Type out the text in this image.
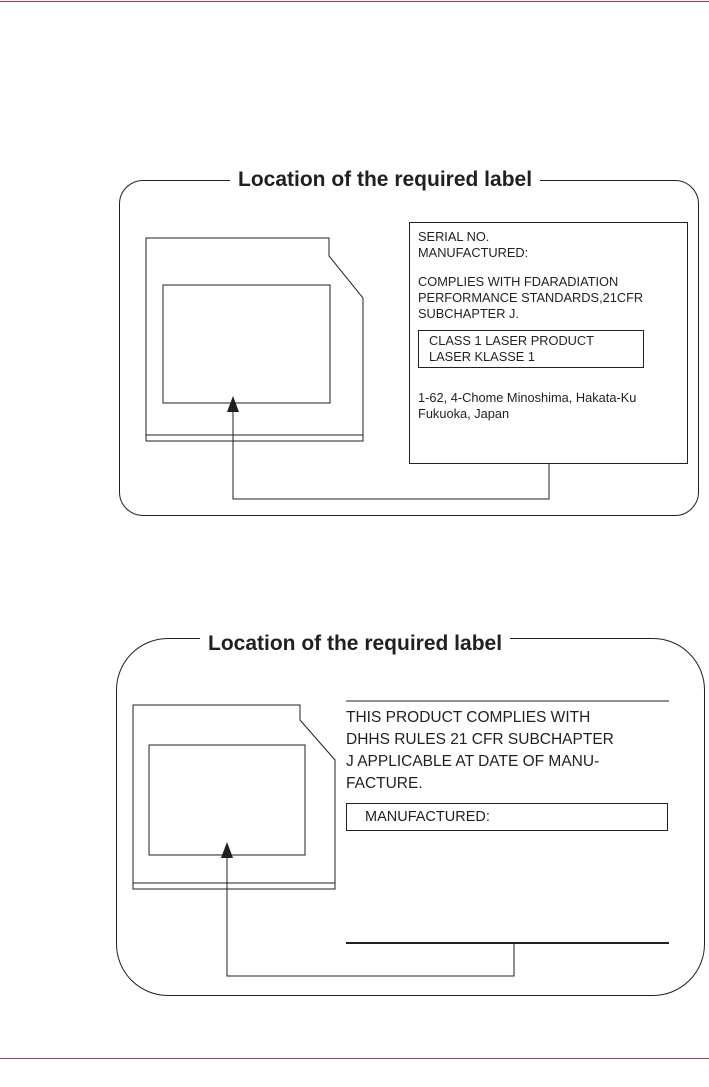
Location of the required label
SERIAL NO.
MANUFACTURED:
COMPLIES WITH FDARADIATION
PERFORMANCE STANDARDS,21CFR
SUBCHAPTER J.
CLASS 1 LASER PRODUCT
LASER KLASSE 1
1-62, 4-Chome Minoshima, Hakata-Ku
Fukuoka, Japan
Location of the required label
THIS PRODUCT COMPLIES WITH
DHHS RULES 21 CFR SUBCHAPTER
J APPLICABLE AT DATE OF MANU-
FACTURE.
MANUFACTURED:
